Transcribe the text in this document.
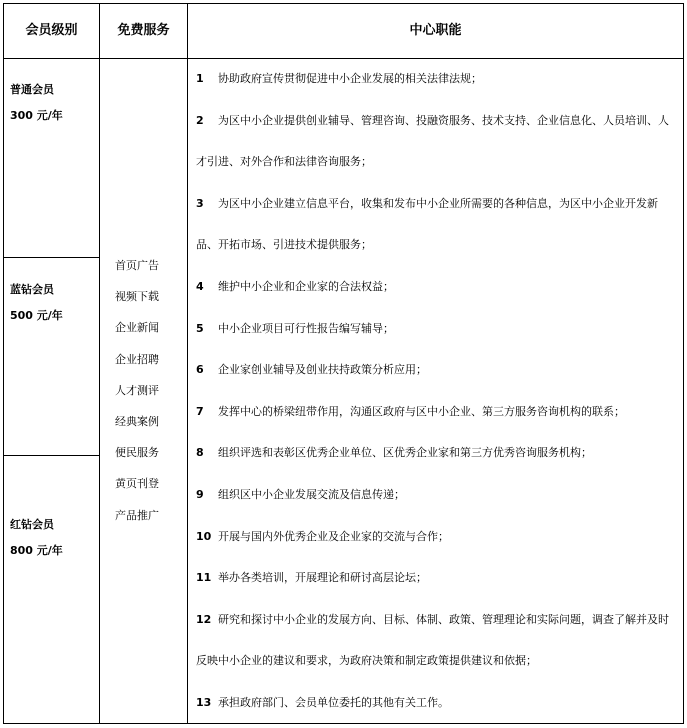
会员级别	免费服务	中心职能
普通会员
300 元/年
蓝钻会员
500 元/年
红钻会员
800 元/年
首页广告
视频下载
企业新闻
企业招聘
人才测评
经典案例
便民服务
黄页刊登
产品推广

1 协助政府宣传贯彻促进中小企业发展的相关法律法规；

2 为区中小企业提供创业辅导、管理咨询、投融资服务、技术支持、企业信息化、人员培训、人才引进、对外合作和法律咨询服务；

3 为区中小企业建立信息平台，收集和发布中小企业所需要的各种信息，为区中小企业开发新品、开拓市场、引进技术提供服务；

4 维护中小企业和企业家的合法权益；

5 中小企业项目可行性报告编写辅导；

6 企业家创业辅导及创业扶持政策分析应用；

7 发挥中心的桥梁纽带作用，沟通区政府与区中小企业、第三方服务咨询机构的联系；

8 组织评选和表彰区优秀企业单位、区优秀企业家和第三方优秀咨询服务机构；

9 组织区中小企业发展交流及信息传递；

10 开展与国内外优秀企业及企业家的交流与合作；

11 举办各类培训，开展理论和研讨高层论坛；

12 研究和探讨中小企业的发展方向、目标、体制、政策、管理理论和实际问题，调查了解并及时反映中小企业的建议和要求，为政府决策和制定政策提供建议和依据；

13 承担政府部门、会员单位委托的其他有关工作。
